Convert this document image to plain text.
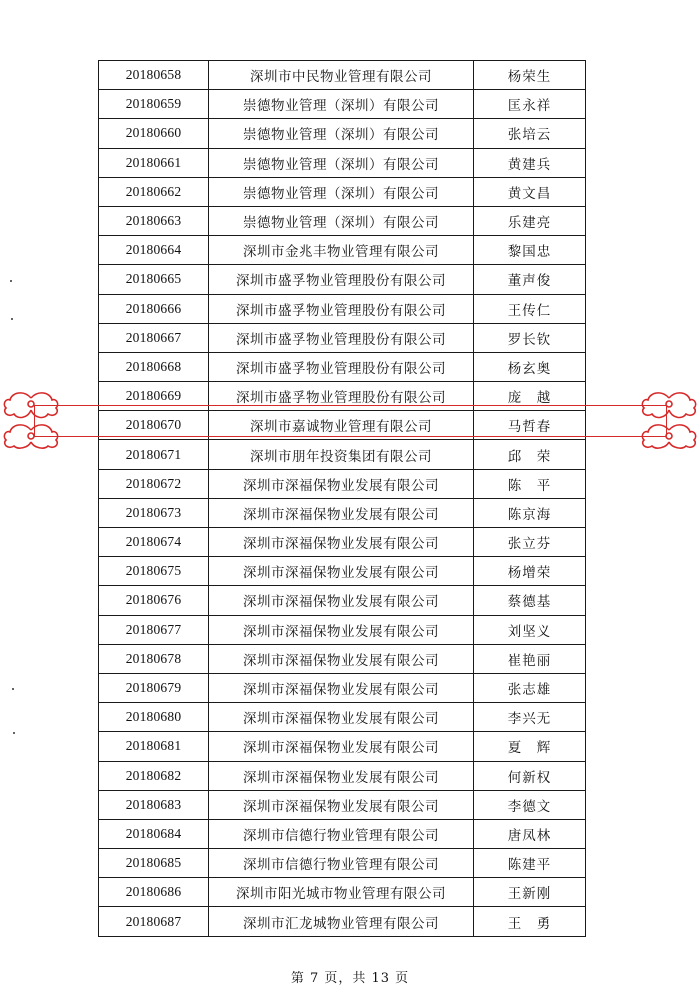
20180658	深圳市中民物业管理有限公司	杨荣生
20180659	崇德物业管理（深圳）有限公司	匡永祥
20180660	崇德物业管理（深圳）有限公司	张培云
20180661	崇德物业管理（深圳）有限公司	黄建兵
20180662	崇德物业管理（深圳）有限公司	黄文昌
20180663	崇德物业管理（深圳）有限公司	乐建亮
20180664	深圳市金兆丰物业管理有限公司	黎国忠
20180665	深圳市盛孚物业管理股份有限公司	董声俊
20180666	深圳市盛孚物业管理股份有限公司	王传仁
20180667	深圳市盛孚物业管理股份有限公司	罗长钦
20180668	深圳市盛孚物业管理股份有限公司	杨玄奥
20180669	深圳市盛孚物业管理股份有限公司	庞　越
20180670	深圳市嘉诚物业管理有限公司	马哲春
20180671	深圳市朋年投资集团有限公司	邱　荣
20180672	深圳市深福保物业发展有限公司	陈　平
20180673	深圳市深福保物业发展有限公司	陈京海
20180674	深圳市深福保物业发展有限公司	张立芬
20180675	深圳市深福保物业发展有限公司	杨增荣
20180676	深圳市深福保物业发展有限公司	蔡德基
20180677	深圳市深福保物业发展有限公司	刘坚义
20180678	深圳市深福保物业发展有限公司	崔艳丽
20180679	深圳市深福保物业发展有限公司	张志雄
20180680	深圳市深福保物业发展有限公司	李兴无
20180681	深圳市深福保物业发展有限公司	夏　辉
20180682	深圳市深福保物业发展有限公司	何新权
20180683	深圳市深福保物业发展有限公司	李德文
20180684	深圳市信德行物业管理有限公司	唐凤林
20180685	深圳市信德行物业管理有限公司	陈建平
20180686	深圳市阳光城市物业管理有限公司	王新刚
20180687	深圳市汇龙城物业管理有限公司	王　勇
第 7 页，共 13 页
